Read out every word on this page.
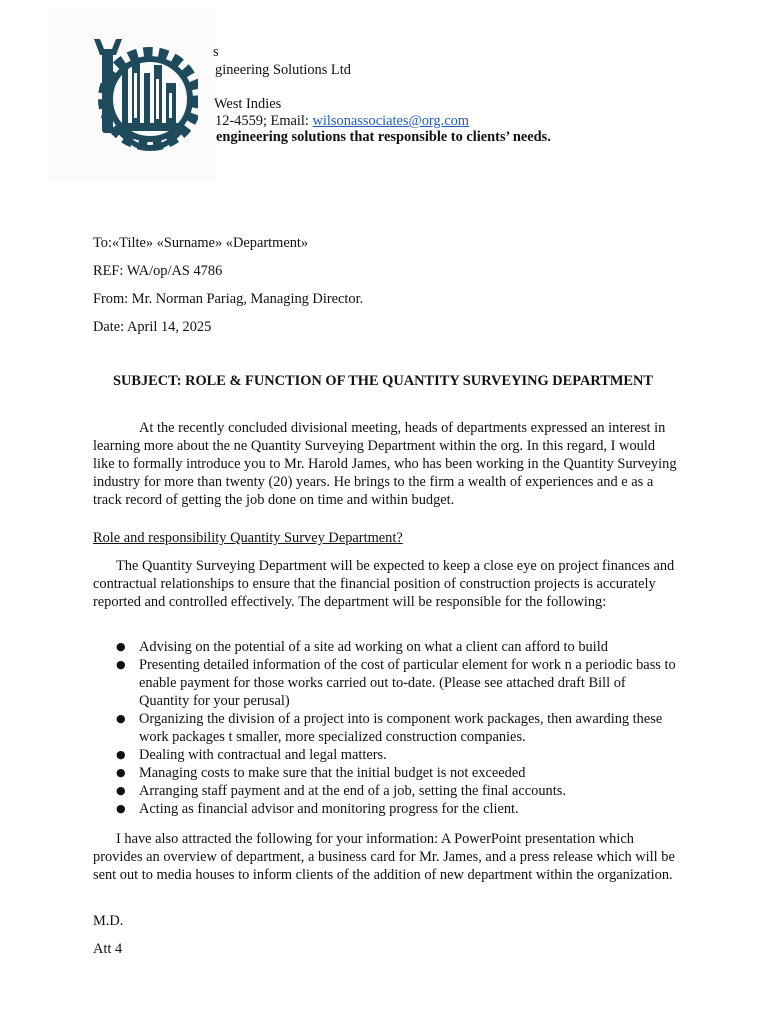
s
gineering Solutions Ltd
West Indies
12-4559; Email: wilsonassociates@org.com
engineering solutions that responsible to clients’ needs.
To:«Tilte» «Surname» «Department»
REF: WA/op/AS 4786
From: Mr. Norman Pariag, Managing Director.
Date: April 14, 2025
SUBJECT: ROLE & FUNCTION OF THE QUANTITY SURVEYING DEPARTMENT

At the recently concluded divisional meeting, heads of departments expressed an interest in learning more about the ne Quantity Surveying Department within the org. In this regard, I would like to formally introduce you to Mr. Harold James, who has been working in the Quantity Surveying industry for more than twenty (20) years. He brings to the firm a wealth of experiences and e as a track record of getting the job done on time and within budget.

Role and responsibility Quantity Survey Department?

The Quantity Surveying Department will be expected to keep a close eye on project finances and contractual relationships to ensure that the financial position of construction projects is accurately reported and controlled effectively. The department will be responsible for the following:

● Advising on the potential of a site ad working on what a client can afford to build
● Presenting detailed information of the cost of particular element for work n a periodic bass to enable payment for those works carried out to-date. (Please see attached draft Bill of Quantity for your perusal)
● Organizing the division of a project into is component work packages, then awarding these work packages t smaller, more specialized construction companies.
● Dealing with contractual and legal matters.
● Managing costs to make sure that the initial budget is not exceeded
● Arranging staff payment and at the end of a job, setting the final accounts.
● Acting as financial advisor and monitoring progress for the client.

I have also attracted the following for your information: A PowerPoint presentation which provides an overview of department, a business card for Mr. James, and a press release which will be sent out to media houses to inform clients of the addition of new department within the organization.

M.D.
Att 4
